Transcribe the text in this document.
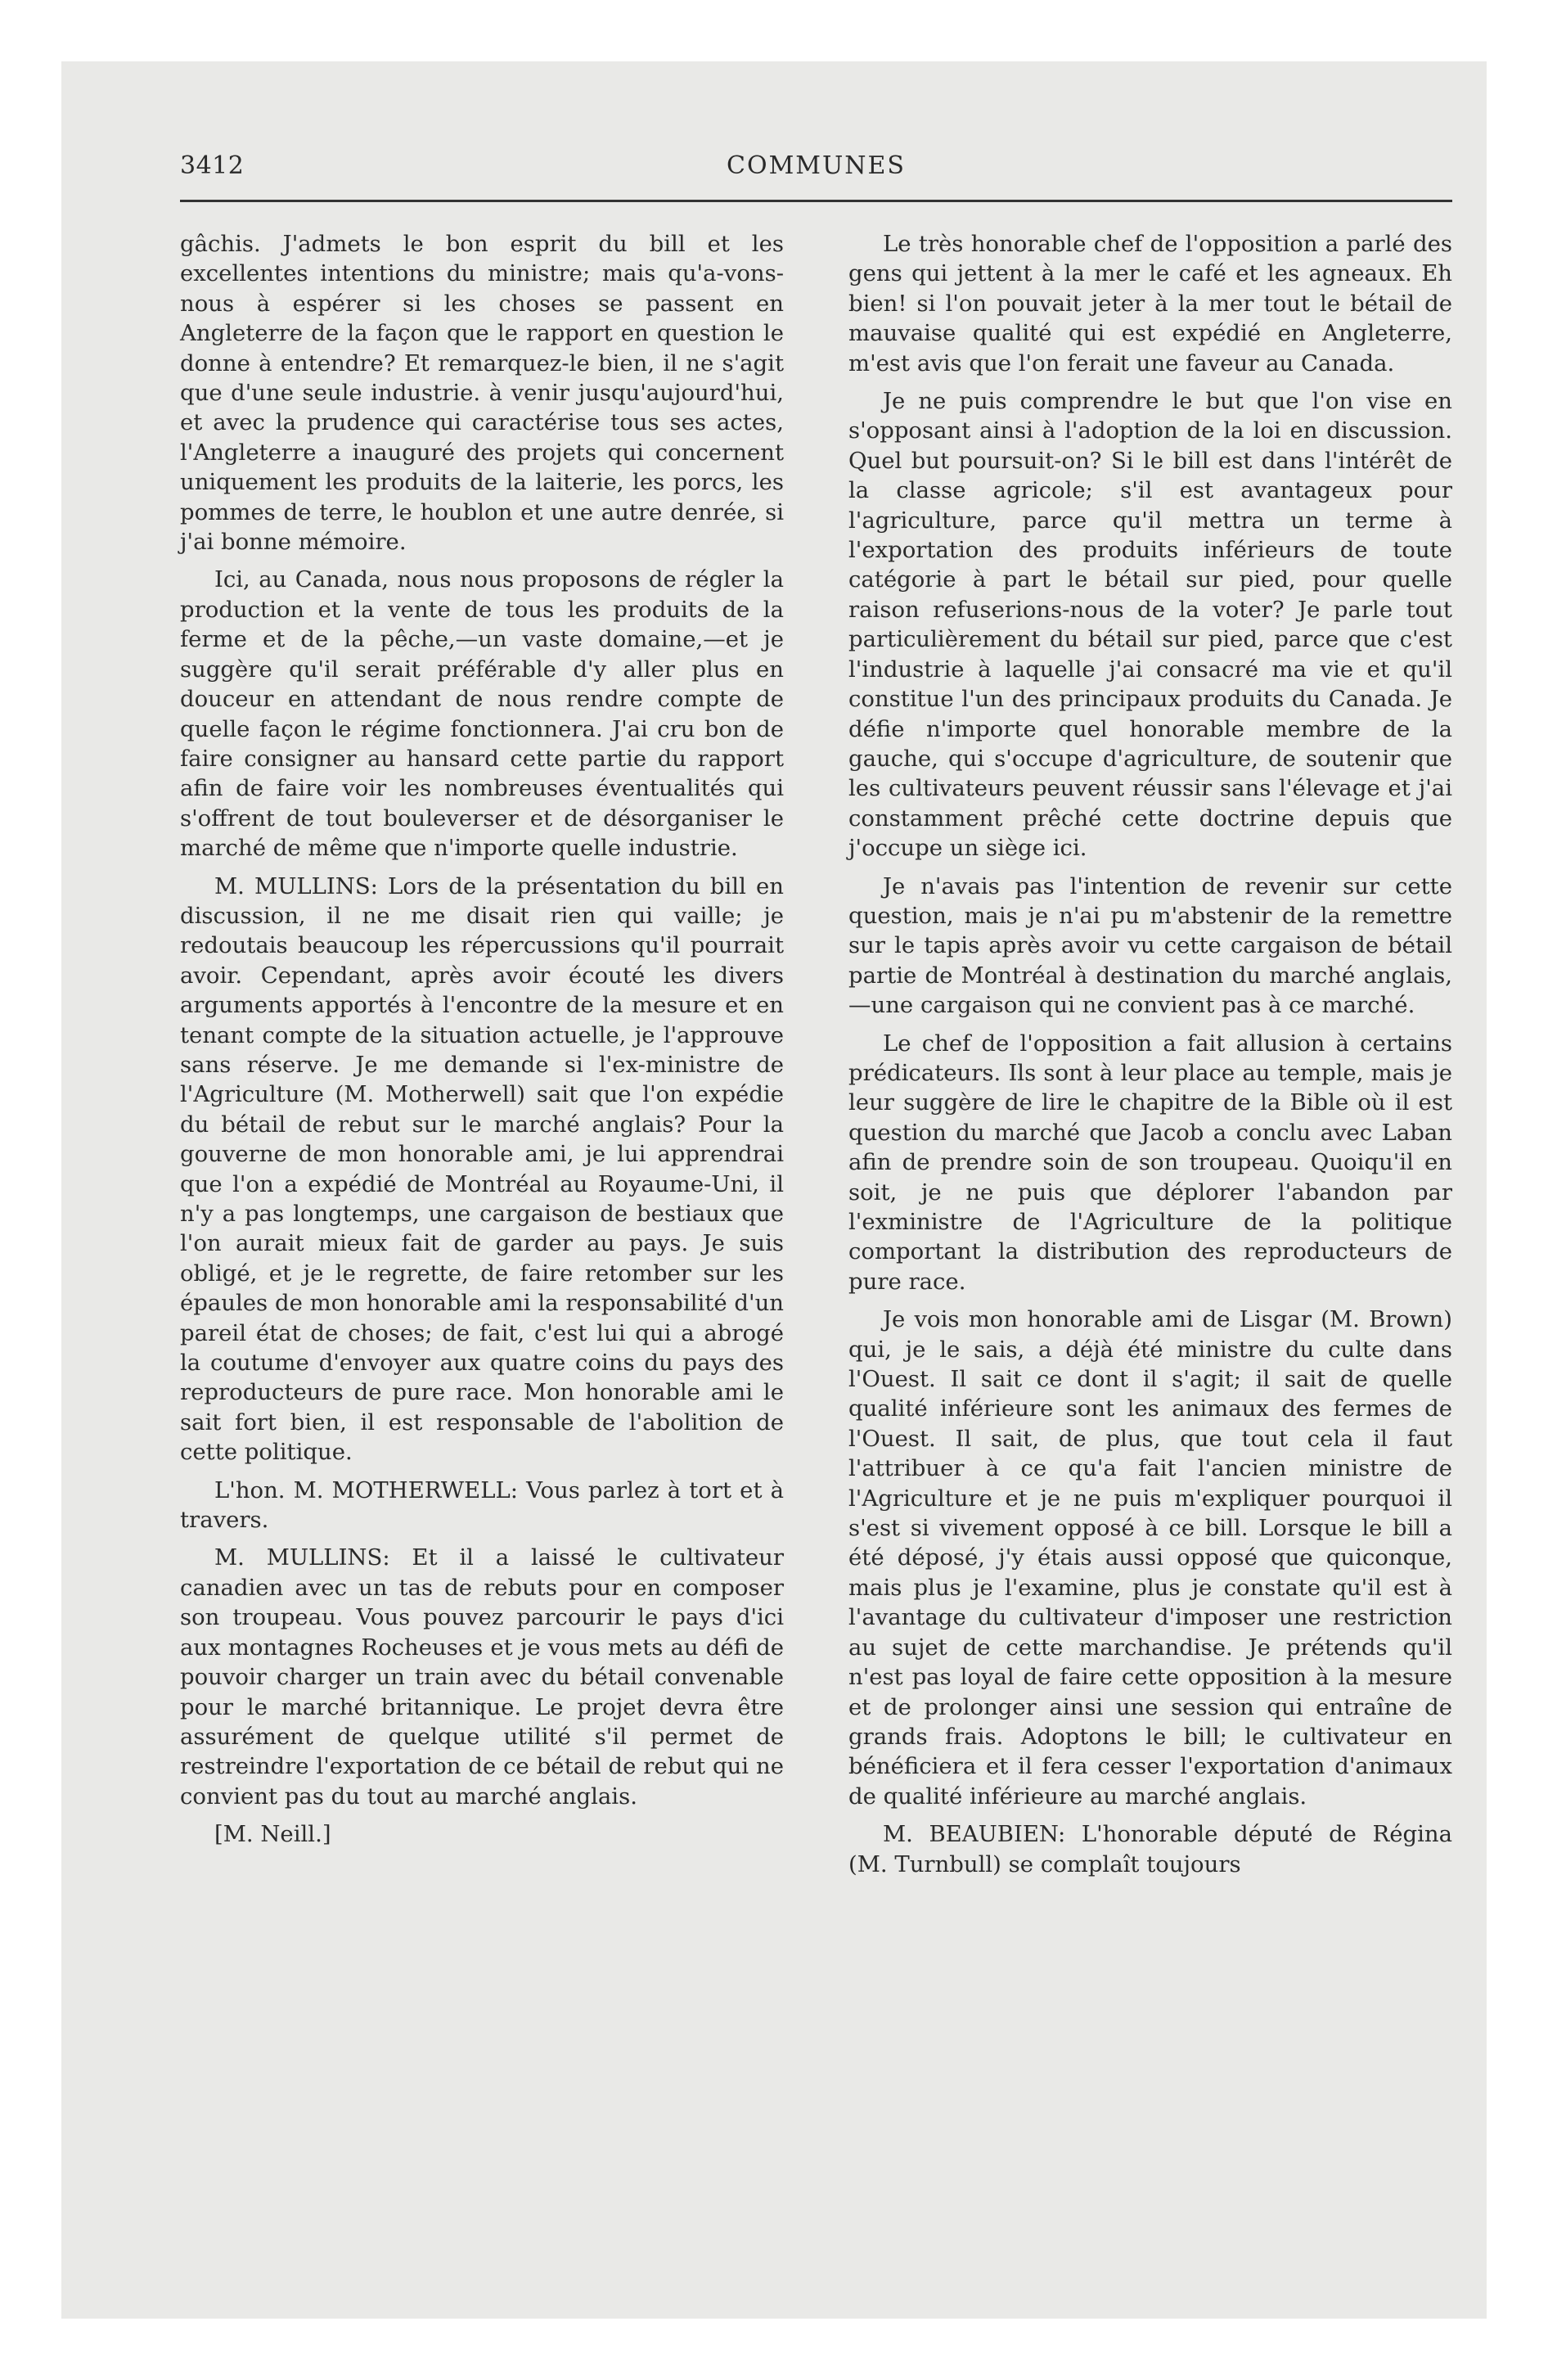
3412	COMMUNES

gâchis. J'admets le bon esprit du bill et les excellentes intentions du ministre; mais qu'a-vons-nous à espérer si les choses se passent en Angleterre de la façon que le rapport en question le donne à entendre? Et remarquez-le bien, il ne s'agit que d'une seule industrie. à venir jusqu'aujourd'hui, et avec la prudence qui caractérise tous ses actes, l'Angleterre a inauguré des projets qui concernent uniquement les produits de la laiterie, les porcs, les pommes de terre, le houblon et une autre denrée, si j'ai bonne mémoire.

Ici, au Canada, nous nous proposons de régler la production et la vente de tous les produits de la ferme et de la pêche,—un vaste domaine,—et je suggère qu'il serait préférable d'y aller plus en douceur en attendant de nous rendre compte de quelle façon le régime fonctionnera. J'ai cru bon de faire consigner au hansard cette partie du rapport afin de faire voir les nombreuses éventualités qui s'offrent de tout bouleverser et de désorganiser le marché de même que n'importe quelle industrie.

M. MULLINS: Lors de la présentation du bill en discussion, il ne me disait rien qui vaille; je redoutais beaucoup les répercussions qu'il pourrait avoir. Cependant, après avoir écouté les divers arguments apportés à l'encontre de la mesure et en tenant compte de la situation actuelle, je l'approuve sans réserve. Je me demande si l'ex-ministre de l'Agriculture (M. Motherwell) sait que l'on expédie du bétail de rebut sur le marché anglais? Pour la gouverne de mon honorable ami, je lui apprendrai que l'on a expédié de Montréal au Royaume-Uni, il n'y a pas longtemps, une cargaison de bestiaux que l'on aurait mieux fait de garder au pays. Je suis obligé, et je le regrette, de faire retomber sur les épaules de mon honorable ami la responsabilité d'un pareil état de choses; de fait, c'est lui qui a abrogé la coutume d'envoyer aux quatre coins du pays des reproducteurs de pure race. Mon honorable ami le sait fort bien, il est responsable de l'abolition de cette politique.

L'hon. M. MOTHERWELL: Vous parlez à tort et à travers.

M. MULLINS: Et il a laissé le cultivateur canadien avec un tas de rebuts pour en composer son troupeau. Vous pouvez parcourir le pays d'ici aux montagnes Rocheuses et je vous mets au défi de pouvoir charger un train avec du bétail convenable pour le marché britannique. Le projet devra être assurément de quelque utilité s'il permet de restreindre l'exportation de ce bétail de rebut qui ne convient pas du tout au marché anglais.

[M. Neill.]

Le très honorable chef de l'opposition a parlé des gens qui jettent à la mer le café et les agneaux. Eh bien! si l'on pouvait jeter à la mer tout le bétail de mauvaise qualité qui est expédié en Angleterre, m'est avis que l'on ferait une faveur au Canada.

Je ne puis comprendre le but que l'on vise en s'opposant ainsi à l'adoption de la loi en discussion. Quel but poursuit-on? Si le bill est dans l'intérêt de la classe agricole; s'il est avantageux pour l'agriculture, parce qu'il mettra un terme à l'exportation des produits inférieurs de toute catégorie à part le bétail sur pied, pour quelle raison refuserions-nous de la voter? Je parle tout particulièrement du bétail sur pied, parce que c'est l'industrie à laquelle j'ai consacré ma vie et qu'il constitue l'un des principaux produits du Canada. Je défie n'importe quel honorable membre de la gauche, qui s'occupe d'agriculture, de soutenir que les cultivateurs peuvent réussir sans l'élevage et j'ai constamment prêché cette doctrine depuis que j'occupe un siège ici.

Je n'avais pas l'intention de revenir sur cette question, mais je n'ai pu m'abstenir de la remettre sur le tapis après avoir vu cette cargaison de bétail partie de Montréal à destination du marché anglais,—une cargaison qui ne convient pas à ce marché.

Le chef de l'opposition a fait allusion à certains prédicateurs. Ils sont à leur place au temple, mais je leur suggère de lire le chapitre de la Bible où il est question du marché que Jacob a conclu avec Laban afin de prendre soin de son troupeau. Quoiqu'il en soit, je ne puis que déplorer l'abandon par l'exministre de l'Agriculture de la politique comportant la distribution des reproducteurs de pure race.

Je vois mon honorable ami de Lisgar (M. Brown) qui, je le sais, a déjà été ministre du culte dans l'Ouest. Il sait ce dont il s'agit; il sait de quelle qualité inférieure sont les animaux des fermes de l'Ouest. Il sait, de plus, que tout cela il faut l'attribuer à ce qu'a fait l'ancien ministre de l'Agriculture et je ne puis m'expliquer pourquoi il s'est si vivement opposé à ce bill. Lorsque le bill a été déposé, j'y étais aussi opposé que quiconque, mais plus je l'examine, plus je constate qu'il est à l'avantage du cultivateur d'imposer une restriction au sujet de cette marchandise. Je prétends qu'il n'est pas loyal de faire cette opposition à la mesure et de prolonger ainsi une session qui entraîne de grands frais. Adoptons le bill; le cultivateur en bénéficiera et il fera cesser l'exportation d'animaux de qualité inférieure au marché anglais.

M. BEAUBIEN: L'honorable député de Régina (M. Turnbull) se complaît toujours
